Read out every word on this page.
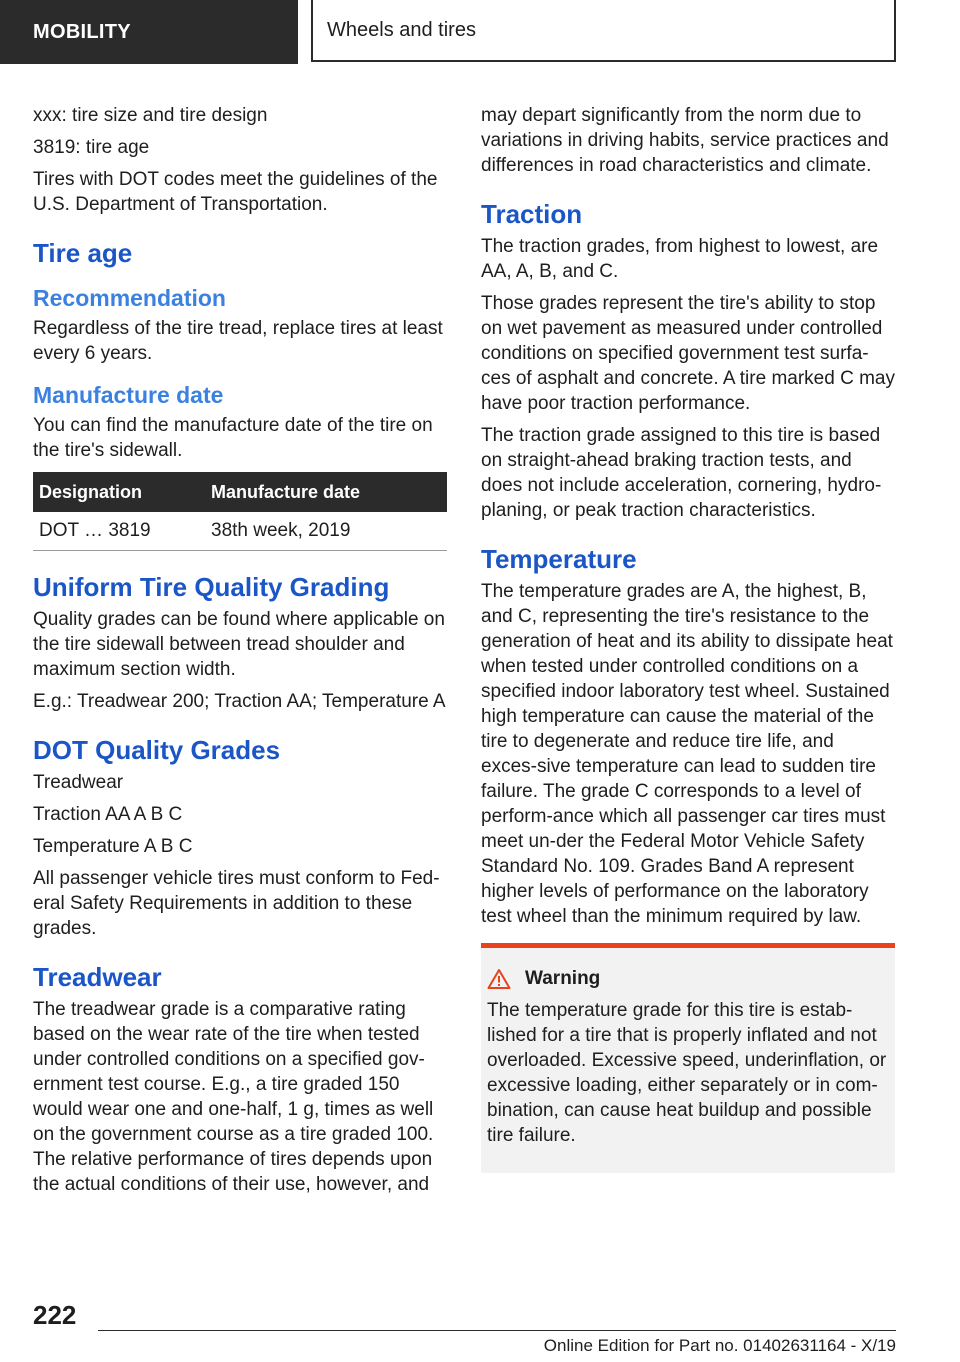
MOBILITY	Wheels and tires

xxx: tire size and tire design

3819: tire age

Tires with DOT codes meet the guidelines of the U.S. Department of Transportation.

Tire age
Recommendation

Regardless of the tire tread, replace tires at least every 6 years.

Manufacture date

You can find the manufacture date of the tire on the tire's sidewall.

Designation	Manufacture date
DOT … 3819	38th week, 2019
Uniform Tire Quality Grading

Quality grades can be found where applicable on the tire sidewall between tread shoulder and maximum section width.

E.g.: Treadwear 200; Traction AA; Temperature A

DOT Quality Grades

Treadwear

Traction AA A B C

Temperature A B C

All passenger vehicle tires must conform to Fed‐eral Safety Requirements in addition to these grades.

Treadwear

The treadwear grade is a comparative rating based on the wear rate of the tire when tested under controlled conditions on a specified gov‐ernment test course. E.g., a tire graded 150 would wear one and one-half, 1 g, times as well on the government course as a tire graded 100. The relative performance of tires depends upon the actual conditions of their use, however, and

may depart significantly from the norm due to variations in driving habits, service practices and differences in road characteristics and climate.

Traction

The traction grades, from highest to lowest, are AA, A, B, and C.

Those grades represent the tire's ability to stop on wet pavement as measured under controlled conditions on specified government test surfa‐ces of asphalt and concrete. A tire marked C may have poor traction performance.

The traction grade assigned to this tire is based on straight-ahead braking traction tests, and does not include acceleration, cornering, hydro‐planing, or peak traction characteristics.

Temperature

The temperature grades are A, the highest, B, and C, representing the tire's resistance to the generation of heat and its ability to dissipate heat when tested under controlled conditions on a specified indoor laboratory test wheel. Sustained high temperature can cause the material of the tire to degenerate and reduce tire life, and exces‐sive temperature can lead to sudden tire failure. The grade C corresponds to a level of perform‐ance which all passenger car tires must meet un‐der the Federal Motor Vehicle Safety Standard No. 109. Grades Band A represent higher levels of performance on the laboratory test wheel than the minimum required by law.

Warning

The temperature grade for this tire is estab‐lished for a tire that is properly inflated and not overloaded. Excessive speed, underinflation, or excessive loading, either separately or in com‐bination, can cause heat buildup and possible tire failure.

222
Online Edition for Part no. 01402631164 - X/19
